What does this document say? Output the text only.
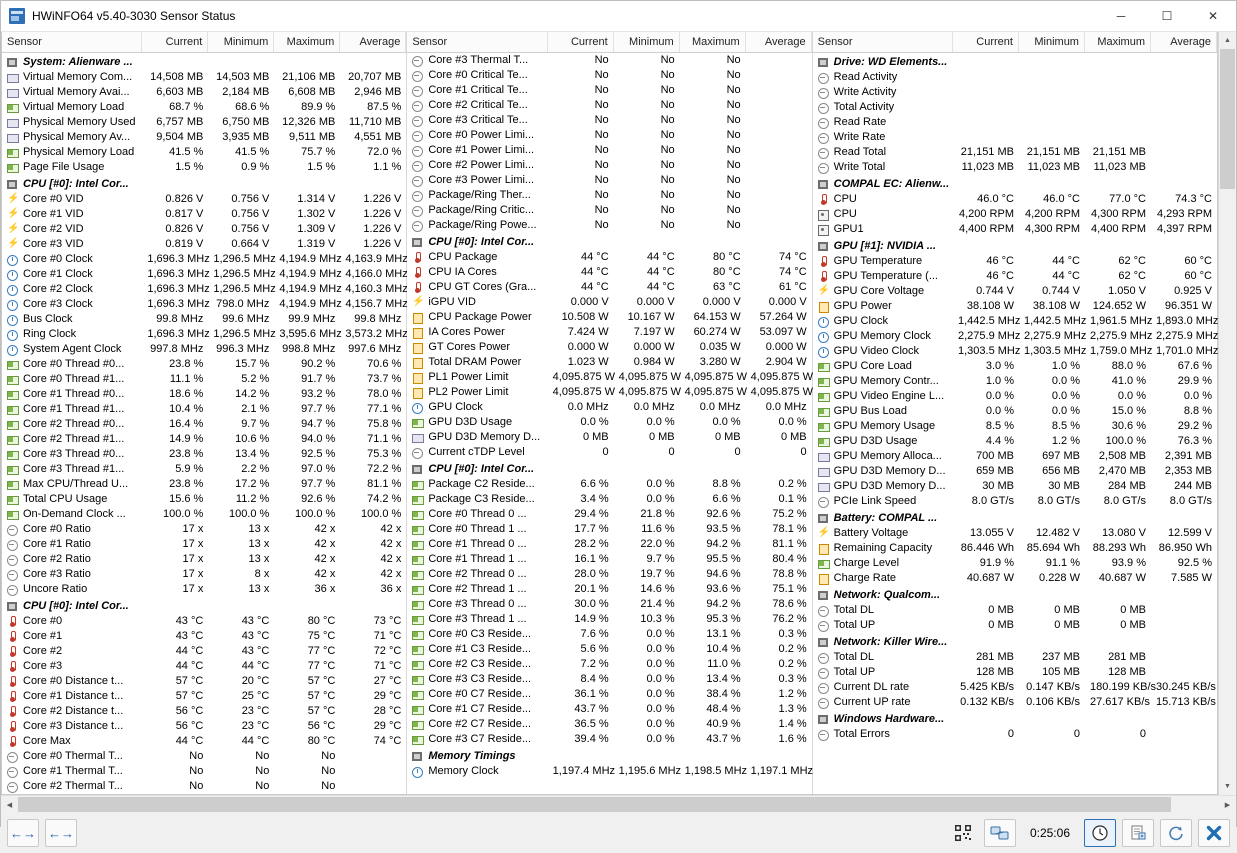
HWiNFO64 v5.40-3030 Sensor Status	─	☐	✕
Sensor	Current	Minimum	Maximum	Average
System: Alienware ...
Virtual Memory Com...	14,508 MB	14,503 MB	21,106 MB	20,707 MB
Virtual Memory Avai...	6,603 MB	2,184 MB	6,608 MB	2,946 MB
Virtual Memory Load	68.7 %	68.6 %	89.9 %	87.5 %
Physical Memory Used	6,757 MB	6,750 MB	12,326 MB	11,710 MB
Physical Memory Av...	9,504 MB	3,935 MB	9,511 MB	4,551 MB
Physical Memory Load	41.5 %	41.5 %	75.7 %	72.0 %
Page File Usage	1.5 %	0.9 %	1.5 %	1.1 %
CPU [#0]: Intel Cor...
⚡
Core #0 VID	0.826 V	0.756 V	1.314 V	1.226 V
⚡
Core #1 VID	0.817 V	0.756 V	1.302 V	1.226 V
⚡
Core #2 VID	0.826 V	0.756 V	1.309 V	1.226 V
⚡
Core #3 VID	0.819 V	0.664 V	1.319 V	1.226 V
Core #0 Clock	1,696.3 MHz 1,296.5 MHz 4,194.9 MHz 4,163.9 MHz
Core #1 Clock	1,696.3 MHz 1,296.5 MHz 4,194.9 MHz 4,166.0 MHz
Core #2 Clock	1,696.3 MHz 1,296.5 MHz 4,194.9 MHz 4,160.3 MHz
Core #3 Clock	1,696.3 MHz 798.0 MHz 4,194.9 MHz 4,156.7 MHz
Bus Clock	99.8 MHz	99.6 MHz	99.9 MHz	99.8 MHz
Ring Clock	1,696.3 MHz 1,296.5 MHz 3,595.6 MHz 3,573.2 MHz
System Agent Clock	997.8 MHz	996.3 MHz	998.8 MHz	997.6 MHz
Core #0 Thread #0...	23.8 %	15.7 %	90.2 %	70.6 %
Core #0 Thread #1...	11.1 %	5.2 %	91.7 %	73.7 %
Core #1 Thread #0...	18.6 %	14.2 %	93.2 %	78.0 %
Core #1 Thread #1...	10.4 %	2.1 %	97.7 %	77.1 %
Core #2 Thread #0...	16.4 %	9.7 %	94.7 %	75.8 %
Core #2 Thread #1...	14.9 %	10.6 %	94.0 %	71.1 %
Core #3 Thread #0...	23.8 %	13.4 %	92.5 %	75.3 %
Core #3 Thread #1...	5.9 %	2.2 %	97.0 %	72.2 %
Max CPU/Thread U...	23.8 %	17.2 %	97.7 %	81.1 %
Total CPU Usage	15.6 %	11.2 %	92.6 %	74.2 %
On-Demand Clock ...	100.0 %	100.0 %	100.0 %	100.0 %
Core #0 Ratio	17 x	13 x	42 x	42 x
Core #1 Ratio	17 x	13 x	42 x	42 x
Core #2 Ratio	17 x	13 x	42 x	42 x
Core #3 Ratio	17 x	8 x	42 x	42 x
Uncore Ratio	17 x	13 x	36 x	36 x
CPU [#0]: Intel Cor...
Core #0	43 °C	43 °C	80 °C	73 °C
Core #1	43 °C	43 °C	75 °C	71 °C
Core #2	44 °C	43 °C	77 °C	72 °C
Core #3	44 °C	44 °C	77 °C	71 °C
Core #0 Distance t...	57 °C	20 °C	57 °C	27 °C
Core #1 Distance t...	57 °C	25 °C	57 °C	29 °C
Core #2 Distance t...	56 °C	23 °C	57 °C	28 °C
Core #3 Distance t...	56 °C	23 °C	56 °C	29 °C
Core Max	44 °C	44 °C	80 °C	74 °C
Core #0 Thermal T...	No	No	No
Core #1 Thermal T...	No	No	No
Core #2 Thermal T...	No	No	No
Sensor	Current	Minimum	Maximum	Average
Core #3 Thermal T...	No	No	No
Core #0 Critical Te...	No	No	No
Core #1 Critical Te...	No	No	No
Core #2 Critical Te...	No	No	No
Core #3 Critical Te...	No	No	No
Core #0 Power Limi...	No	No	No
Core #1 Power Limi...	No	No	No
Core #2 Power Limi...	No	No	No
Core #3 Power Limi...	No	No	No
Package/Ring Ther...	No	No	No
Package/Ring Critic...	No	No	No
Package/Ring Powe...	No	No	No
CPU [#0]: Intel Cor...
CPU Package	44 °C	44 °C	80 °C	74 °C
CPU IA Cores	44 °C	44 °C	80 °C	74 °C
CPU GT Cores (Gra...	44 °C	44 °C	63 °C	61 °C
⚡
iGPU VID	0.000 V	0.000 V	0.000 V	0.000 V
CPU Package Power	10.508 W	10.167 W	64.153 W	57.264 W
IA Cores Power	7.424 W	7.197 W	60.274 W	53.097 W
GT Cores Power	0.000 W	0.000 W	0.035 W	0.000 W
Total DRAM Power	1.023 W	0.984 W	3.280 W	2.904 W
PL1 Power Limit	4,095.875 W 4,095.875 W 4,095.875 W 4,095.875 W
PL2 Power Limit	4,095.875 W 4,095.875 W 4,095.875 W 4,095.875 W
GPU Clock	0.0 MHz	0.0 MHz	0.0 MHz	0.0 MHz
GPU D3D Usage	0.0 %	0.0 %	0.0 %	0.0 %
GPU D3D Memory D...	0 MB	0 MB	0 MB	0 MB
Current cTDP Level	0	0	0	0
CPU [#0]: Intel Cor...
Package C2 Reside...	6.6 %	0.0 %	8.8 %	0.2 %
Package C3 Reside...	3.4 %	0.0 %	6.6 %	0.1 %
Core #0 Thread 0 ...	29.4 %	21.8 %	92.6 %	75.2 %
Core #0 Thread 1 ...	17.7 %	11.6 %	93.5 %	78.1 %
Core #1 Thread 0 ...	28.2 %	22.0 %	94.2 %	81.1 %
Core #1 Thread 1 ...	16.1 %	9.7 %	95.5 %	80.4 %
Core #2 Thread 0 ...	28.0 %	19.7 %	94.6 %	78.8 %
Core #2 Thread 1 ...	20.1 %	14.6 %	93.6 %	75.1 %
Core #3 Thread 0 ...	30.0 %	21.4 %	94.2 %	78.6 %
Core #3 Thread 1 ...	14.9 %	10.3 %	95.3 %	76.2 %
Core #0 C3 Reside...	7.6 %	0.0 %	13.1 %	0.3 %
Core #1 C3 Reside...	5.6 %	0.0 %	10.4 %	0.2 %
Core #2 C3 Reside...	7.2 %	0.0 %	11.0 %	0.2 %
Core #3 C3 Reside...	8.4 %	0.0 %	13.4 %	0.3 %
Core #0 C7 Reside...	36.1 %	0.0 %	38.4 %	1.2 %
Core #1 C7 Reside...	43.7 %	0.0 %	48.4 %	1.3 %
Core #2 C7 Reside...	36.5 %	0.0 %	40.9 %	1.4 %
Core #3 C7 Reside...	39.4 %	0.0 %	43.7 %	1.6 %
Memory Timings
Memory Clock	1,197.4 MHz 1,195.6 MHz 1,198.5 MHz 1,197.1 MHz
Sensor	Current	Minimum	Maximum	Average
Drive: WD Elements...
Read Activity
Write Activity
Total Activity
Read Rate
Write Rate
Read Total	21,151 MB	21,151 MB	21,151 MB
Write Total	11,023 MB	11,023 MB	11,023 MB
COMPAL EC: Alienw...
CPU	46.0 °C	46.0 °C	77.0 °C	74.3 °C
CPU	4,200 RPM 4,200 RPM 4,300 RPM 4,293 RPM
GPU1	4,400 RPM 4,300 RPM 4,400 RPM 4,397 RPM
GPU [#1]: NVIDIA ...
GPU Temperature	46 °C	44 °C	62 °C	60 °C
GPU Temperature (...	46 °C	44 °C	62 °C	60 °C
⚡
GPU Core Voltage	0.744 V	0.744 V	1.050 V	0.925 V
GPU Power	38.108 W	38.108 W	124.652 W	96.351 W
GPU Clock	1,442.5 MHz 1,442.5 MHz 1,961.5 MHz 1,893.0 MHz
GPU Memory Clock	2,275.9 MHz 2,275.9 MHz 2,275.9 MHz 2,275.9 MHz
GPU Video Clock	1,303.5 MHz 1,303.5 MHz 1,759.0 MHz 1,701.0 MHz
GPU Core Load	3.0 %	1.0 %	88.0 %	67.6 %
GPU Memory Contr...	1.0 %	0.0 %	41.0 %	29.9 %
GPU Video Engine L...	0.0 %	0.0 %	0.0 %	0.0 %
GPU Bus Load	0.0 %	0.0 %	15.0 %	8.8 %
GPU Memory Usage	8.5 %	8.5 %	30.6 %	29.2 %
GPU D3D Usage	4.4 %	1.2 %	100.0 %	76.3 %
GPU Memory Alloca...	700 MB	697 MB	2,508 MB	2,391 MB
GPU D3D Memory D...	659 MB	656 MB	2,470 MB	2,353 MB
GPU D3D Memory D...	30 MB	30 MB	284 MB	244 MB
PCIe Link Speed	8.0 GT/s	8.0 GT/s	8.0 GT/s	8.0 GT/s
Battery: COMPAL ...
⚡
Battery Voltage	13.055 V	12.482 V	13.080 V	12.599 V
Remaining Capacity	86.446 Wh	85.694 Wh	88.293 Wh	86.950 Wh
Charge Level	91.9 %	91.1 %	93.9 %	92.5 %
Charge Rate	40.687 W	0.228 W	40.687 W	7.585 W
Network: Qualcom...
Total DL	0 MB	0 MB	0 MB
Total UP	0 MB	0 MB	0 MB
Network: Killer Wire...
Total DL	281 MB	237 MB	281 MB
Total UP	128 MB	105 MB	128 MB
Current DL rate	5.425 KB/s	0.147 KB/s 180.199 KB/s 30.245 KB/s
Current UP rate	0.132 KB/s	0.106 KB/s 27.617 KB/s 15.713 KB/s
Windows Hardware...
Total Errors	0	0	0
▲
▼
◀	▶
←→ ←→	0:25:06
